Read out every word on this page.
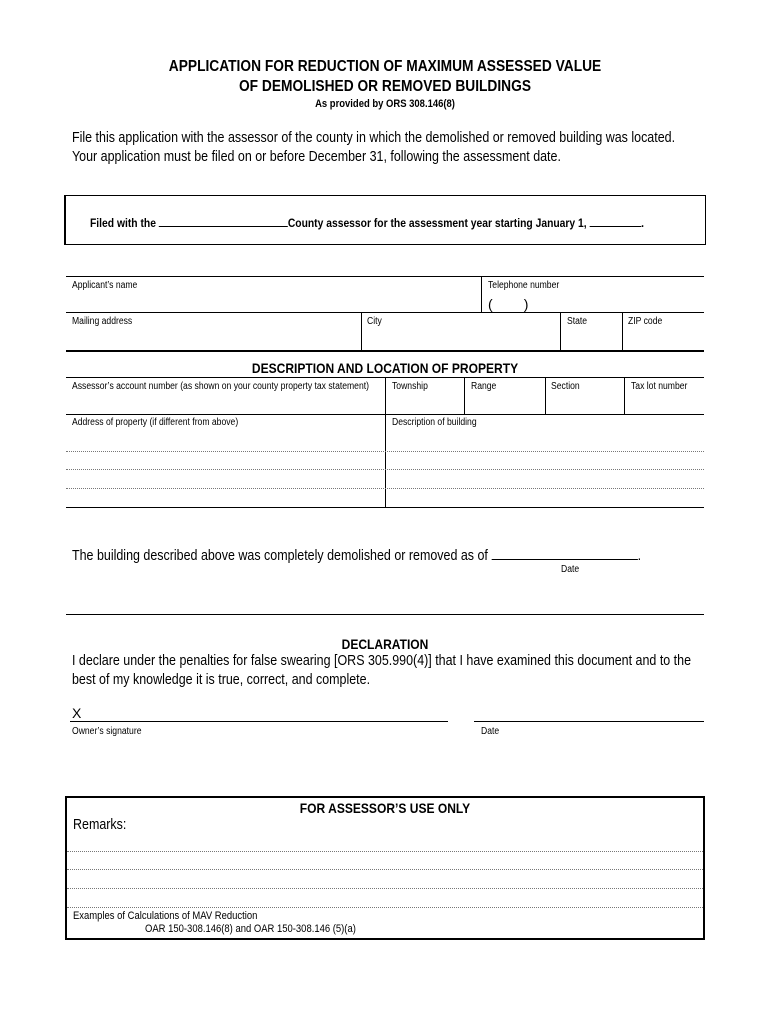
APPLICATION FOR REDUCTION OF MAXIMUM ASSESSED VALUE
OF DEMOLISHED OR REMOVED BUILDINGS
As provided by ORS 308.146(8)
File this application with the assessor of the county in which the demolished or removed building was located.
Your application must be filed on or before December 31, following the assessment date.
Filed with the	County assessor for the assessment year starting January 1,	.
Applicant’s name	Telephone number
(        )
Mailing address	City	State	ZIP code
DESCRIPTION AND LOCATION OF PROPERTY
Assessor’s account number (as shown on your county property tax statement) Township	Range	Section	Tax lot number
Address of property (if different from above)	Description of building
The building described above was completely demolished or removed as of	.
Date
DECLARATION
I declare under the penalties for false swearing [ORS 305.990(4)] that I have examined this document and to the
best of my knowledge it is true, correct, and complete.
X
Owner’s signature	Date
FOR ASSESSOR’S USE ONLY
Remarks:
Examples of Calculations of MAV Reduction
OAR 150-308.146(8) and OAR 150-308.146 (5)(a)
